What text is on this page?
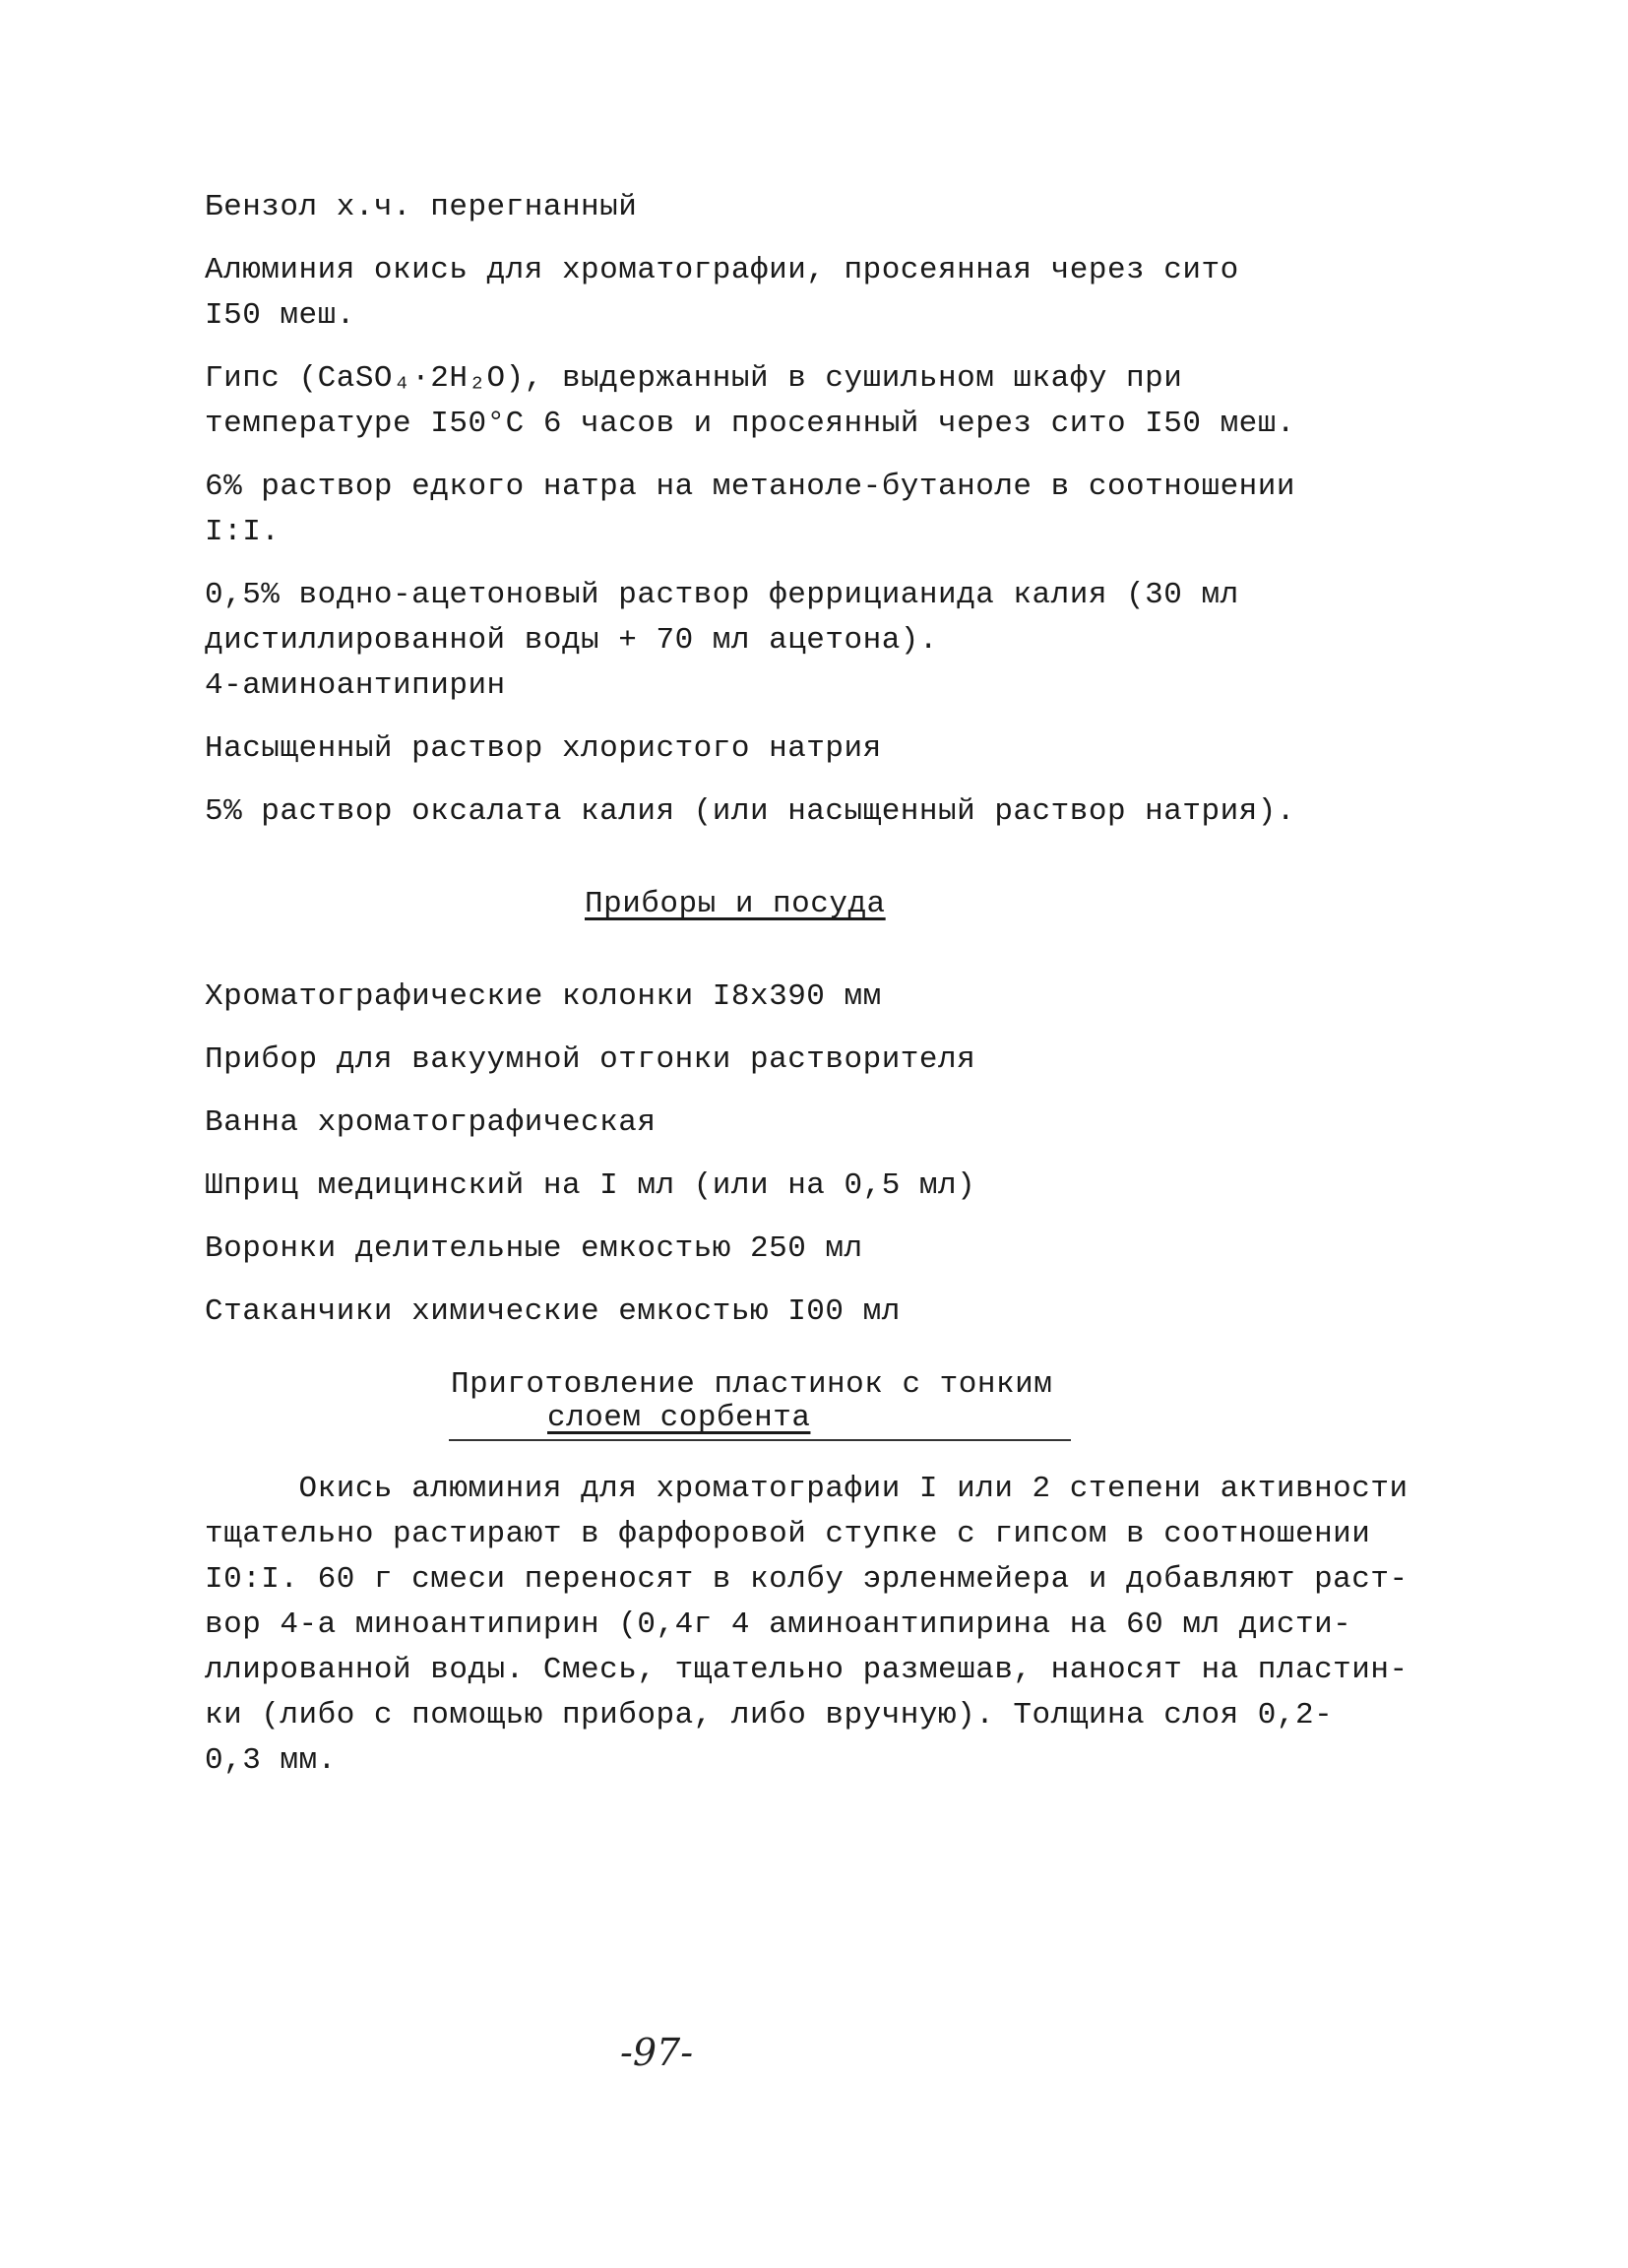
Бензол х.ч. перегнанный
Алюминия окись для хроматографии, просеянная через сито
I50 меш.
Гипс (CaSO₄·2H₂O), выдержанный в сушильном шкафу при
температуре I50°C 6 часов и просеянный через сито I50 меш.
6% раствор едкого натра на метаноле-бутаноле в соотношении
I:I.
0,5% водно-ацетоновый раствор феррицианида калия (30 мл
дистиллированной воды + 70 мл ацетона).
4-аминоантипирин
Насыщенный раствор хлористого натрия
5% раствор оксалата калия (или насыщенный раствор натрия).
Приборы и посуда
Хроматографические колонки I8х390 мм
Прибор для вакуумной отгонки растворителя
Ванна хроматографическая
Шприц медицинский на I мл (или на 0,5 мл)
Воронки делительные емкостью 250 мл
Стаканчики химические емкостью I00 мл
Приготовление пластинок с тонким
слоем сорбента
Окись алюминия для хроматографии I или 2 степени активности
тщательно растирают в фарфоровой ступке с гипсом в соотношении
I0:I. 60 г смеси переносят в колбу эрленмейера и добавляют раст-
вор 4-а миноантипирин (0,4г 4 аминоантипирина на 60 мл дисти-
ллированной воды. Смесь, тщательно размешав, наносят на пластин-
ки (либо с помощью прибора, либо вручную). Толщина слоя 0,2-
0,3 мм.
-97-
